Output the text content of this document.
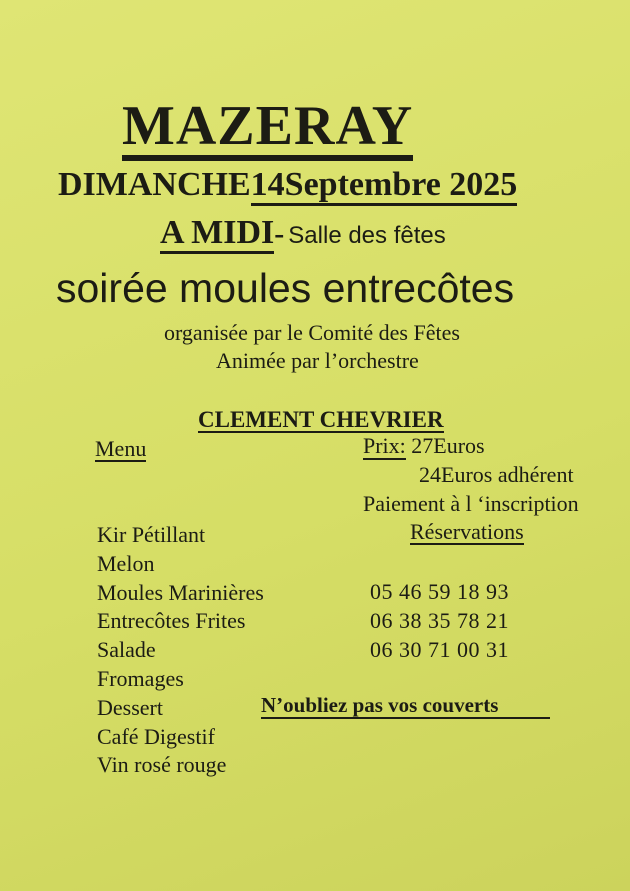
MAZERAY
DIMANCHE14Septembre 2025
A MIDI- Salle des fêtes
soirée moules entrecôtes
organisée par le Comité des Fêtes
Animée par l’orchestre
CLEMENT CHEVRIER
Menu	Prix: 27Euros
24Euros adhérent
Paiement à l ‘inscription
Réservations
Kir Pétillant
Melon
Moules Marinières
Entrecôtes Frites
Salade
Fromages
Dessert
Café Digestif
Vin rosé rouge
05 46 59 18 93
06 38 35 78 21
06 30 71 00 31
N’oubliez pas vos couverts
